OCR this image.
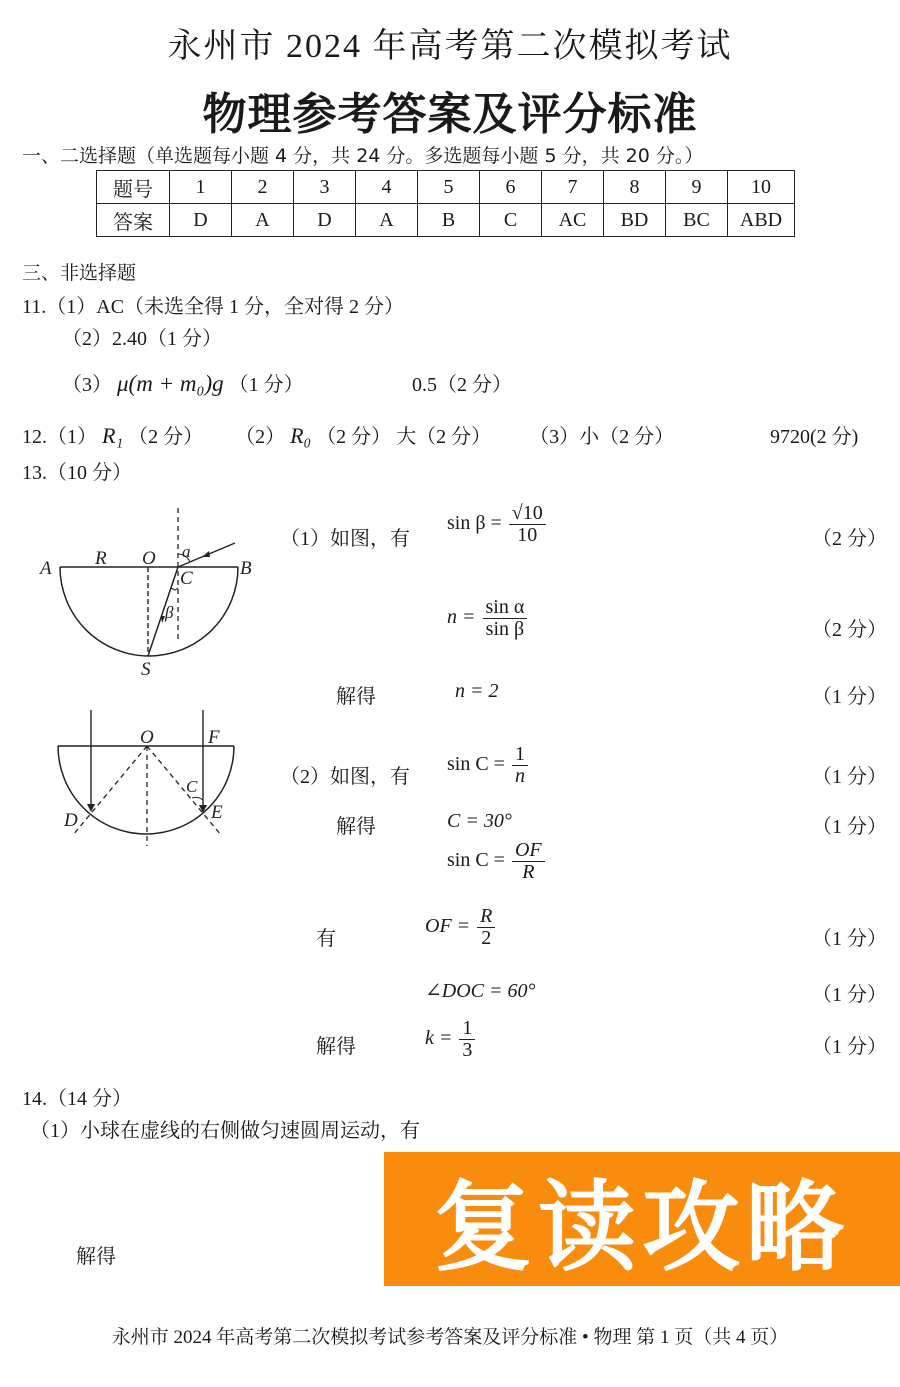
永州市 2024 年高考第二次模拟考试
物理参考答案及评分标准
一、二选择题（单选题每小题 4 分，共 24 分。多选题每小题 5 分，共 20 分。）
题号	1	2	3	4	5	6	7	8	9	10
答案	D	A	D	A	B	C	AC	BD	BC	ABD
三、非选择题
11.（1）AC（未选全得 1 分，全对得 2 分）
（2）2.40（1 分）
（3） μ(m + m₀)g （1 分）	0.5（2 分）
12.（1） R₁ （2 分） （2） R₀ （2 分） 大（2 分） （3）小（2 分）	9720(2 分)
13.（10 分）
A R O a
C B
β
S
O	F
C
D	E
（1）如图，有
$\sin \beta = \frac{√10}{10}$	（2 分）
$n = \frac{\text{sin α}}{\text{sin β}}$	（2 分）
解得	n = 2	（1 分）
（2）如图，有
$\sin C = \frac{1}{n}$	（1 分）
解得	C = 30°	（1 分）
$\sin C = \frac{OF}{R}$
有
OF = $\frac{R}{2}$	（1 分）
∠DOC = 60°	（1 分）
解得	$k = \frac{1}{3}$	（1 分）
14.（14 分）
（1）小球在虚线的右侧做匀速圆周运动，有
解得	复读攻略
永州市 2024 年高考第二次模拟考试参考答案及评分标准 • 物理 第 1 页（共 4 页）
